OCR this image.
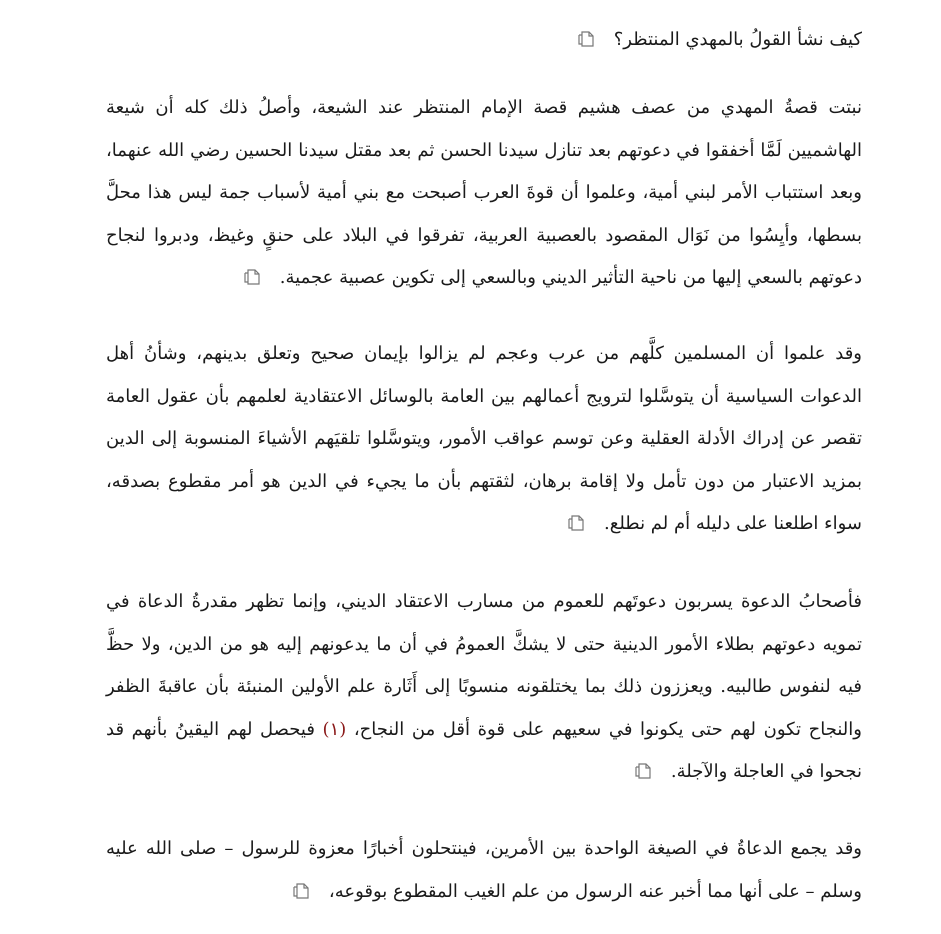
كيف نشأ القولُ بالمهدي المنتظر؟
نبتت قصةُ المهدي من عصف هشيم قصة الإمام المنتظر عند الشيعة، وأصلُ ذلك كله أن شيعة الهاشميين لَمَّا أخفقوا في دعوتهم بعد تنازل سيدنا الحسن ثم بعد مقتل سيدنا الحسين رضي الله عنهما، وبعد استتباب الأمر لبني أمية، وعلموا أن قوةَ العرب أصبحت مع بني أمية لأسباب جمة ليس هذا محلَّ بسطها، وأيِسُوا من نَوَال المقصود بالعصبية العربية، تفرقوا في البلاد على حنقٍ وغيظ، ودبروا لنجاح دعوتهم بالسعي إليها من ناحية التأثير الديني وبالسعي إلى تكوين عصبية عجمية.
وقد علموا أن المسلمين كلَّهم من عرب وعجم لم يزالوا بإيمان صحيح وتعلق بدينهم، وشأنُ أهل الدعوات السياسية أن يتوسَّلوا لترويج أعمالهم بين العامة بالوسائل الاعتقادية لعلمهم بأن عقول العامة تقصر عن إدراك الأدلة العقلية وعن توسم عواقب الأمور، ويتوسَّلوا تلقيَهم الأشياءَ المنسوبة إلى الدين بمزيد الاعتبار من دون تأمل ولا إقامة برهان، لثقتهم بأن ما يجيء في الدين هو أمر مقطوع بصدقه، سواء اطلعنا على دليله أم لم نطلع.
فأصحابُ الدعوة يسربون دعوتَهم للعموم من مسارب الاعتقاد الديني، وإنما تظهر مقدرةُ الدعاة في تمويه دعوتهم بطلاء الأمور الدينية حتى لا يشكَّ العمومُ في أن ما يدعونهم إليه هو من الدين، ولا حظَّ فيه لنفوس طالبيه. ويعززون ذلك بما يختلقونه منسوبًا إلى أَثَارة علم الأولين المنبئة بأن عاقبةَ الظفر والنجاح تكون لهم حتى يكونوا في سعيهم على قوة أقل من النجاح، (١) فيحصل لهم اليقينُ بأنهم قد نجحوا في العاجلة والآجلة.
وقد يجمع الدعاةُ في الصيغة الواحدة بين الأمرين، فينتحلون أخبارًا معزوة للرسول – صلى الله عليه وسلم – على أنها مما أخبر عنه الرسول من علم الغيب المقطوع بوقوعه،
